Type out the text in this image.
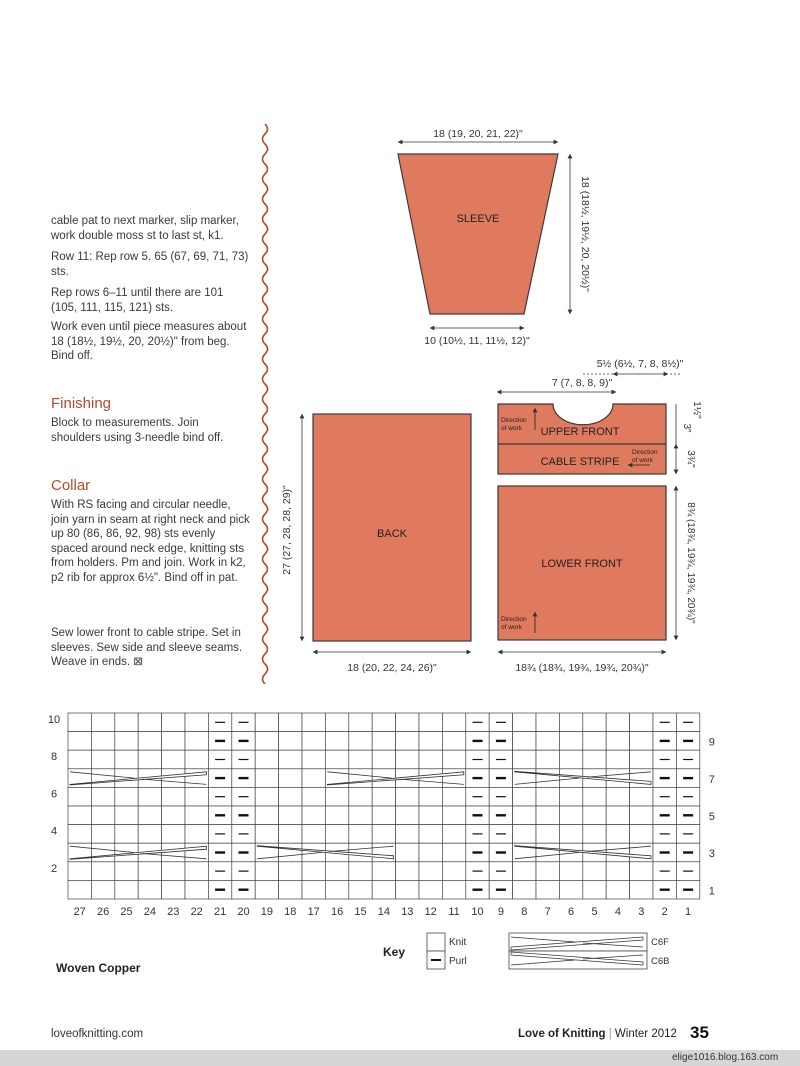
cable pat to next marker, slip marker, work double moss st to last st, k1.
Row 11: Rep row 5. 65 (67, 69, 71, 73) sts.
Rep rows 6–11 until there are 101 (105, 111, 115, 121) sts.
Work even until piece measures about 18 (18½, 19½, 20, 20½)" from beg. Bind off.
Finishing
Block to measurements. Join shoulders using 3-needle bind off.
Collar
With RS facing and circular needle, join yarn in seam at right neck and pick up 80 (86, 86, 92, 98) sts evenly spaced around neck edge, knitting sts from holders. Pm and join. Work in k2, p2 rib for approx 6½". Bind off in pat.
Sew lower front to cable stripe. Set in sleeves. Sew side and sleeve seams. Weave in ends. ⊠
SLEEVE
18 (19, 20, 21, 22)"
18 (18½, 19½, 20, 20½)"
10 (10½, 11, 11½, 12)"
5½ (6½, 7, 8, 8½)"
7 (7, 8, 8, 9)"
BACK
27 (27, 28, 28, 29)"
18 (20, 22, 24, 26)"
UPPER FRONT
Direction of work
CABLE STRIPE
Direction of work
LOWER FRONT
Direction of work
1½"
3"
3¾"
8¾ (18¾, 19¾, 19¾, 20¾)"
18¾ (18¾, 19¾, 19¾, 20¾)"
27 26 25 24 23 22 21 20 19 18 17 16 15 14 13 12 11 10 9 8 7 6 5 4 3 2 1
10
8
6
4
2
9
7
5
3
1
Key
Knit
Purl
C6F
C6B
Woven Copper
loveofknitting.com	Love of Knitting | Winter 2012 35
elige1016.blog.163.com
